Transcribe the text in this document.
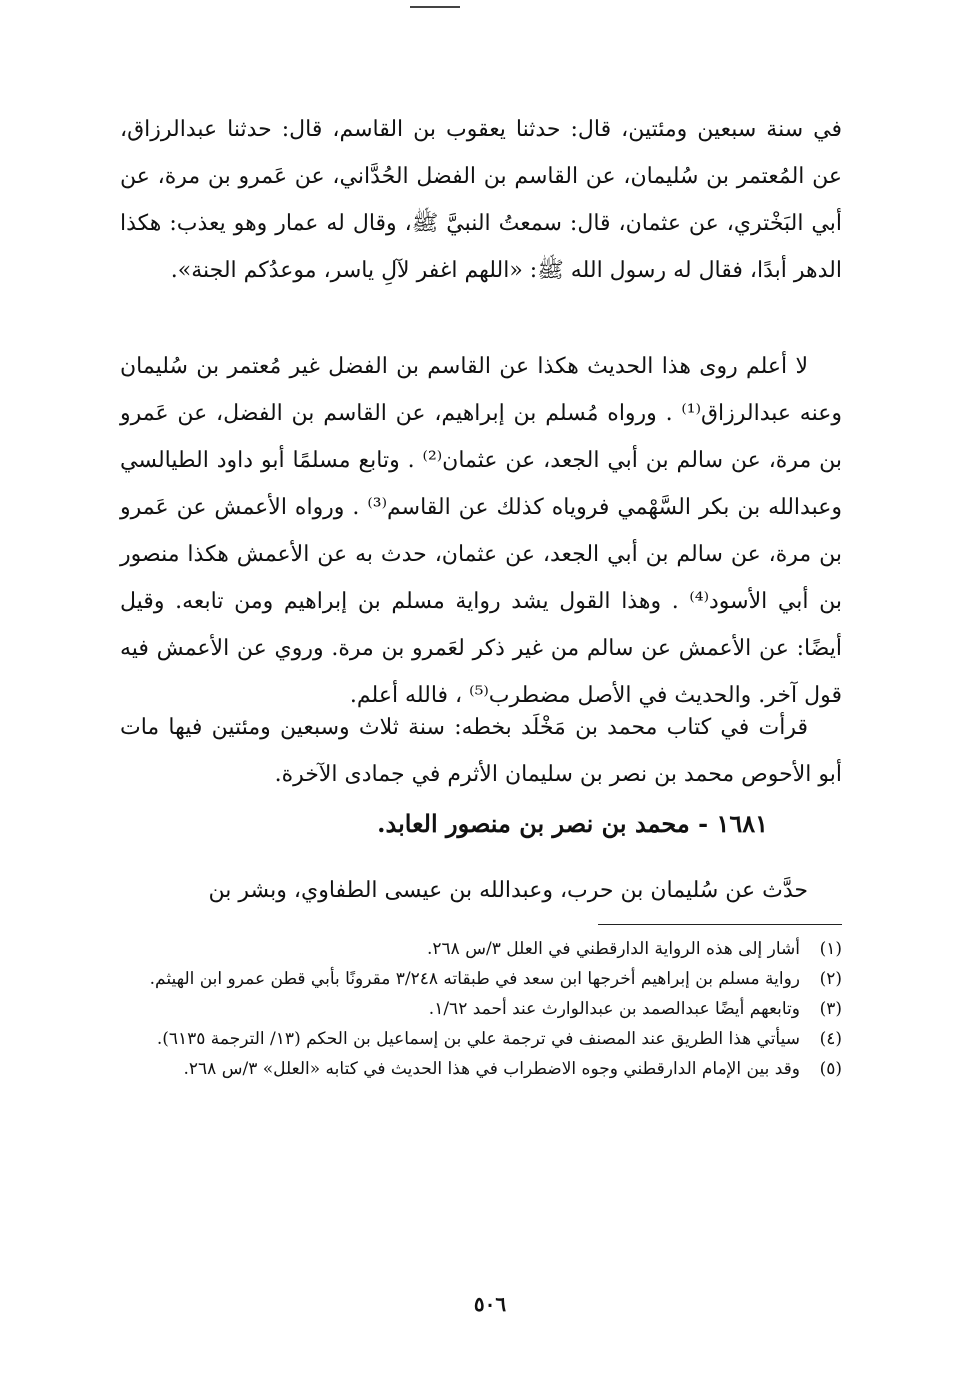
في سنة سبعين ومئتين، قال: حدثنا يعقوب بن القاسم، قال: حدثنا عبدالرزاق، عن المُعتمر بن سُليمان، عن القاسم بن الفضل الحُدَّاني، عن عَمرو بن مرة، عن أبي البَخْتري، عن عثمان، قال: سمعتُ النبيَّ ﷺ، وقال له عمار وهو يعذب: هكذا الدهر أبدًا، فقال له رسول الله ﷺ: «اللهم اغفر لآلِ ياسر، موعدُكم الجنة».
لا أعلم روى هذا الحديث هكذا عن القاسم بن الفضل غير مُعتمر بن سُليمان وعنه عبدالرزاق⁽¹⁾ . ورواه مُسلم بن إبراهيم، عن القاسم بن الفضل، عن عَمرو بن مرة، عن سالم بن أبي الجعد، عن عثمان⁽²⁾ . وتابع مسلمًا أبو داود الطيالسي وعبدالله بن بكر السَّهْمي فروياه كذلك عن القاسم⁽³⁾ . ورواه الأعمش عن عَمرو بن مرة، عن سالم بن أبي الجعد، عن عثمان، حدث به عن الأعمش هكذا منصور بن أبي الأسود⁽⁴⁾ . وهذا القول يشد رواية مسلم بن إبراهيم ومن تابعه. وقيل أيضًا: عن الأعمش عن سالم من غير ذكر لعَمرو بن مرة. وروي عن الأعمش فيه قول آخر. والحديث في الأصل مضطرب⁽⁵⁾ ، فالله أعلم.
قرأت في كتاب محمد بن مَخْلَد بخطه: سنة ثلاث وسبعين ومئتين فيها مات أبو الأحوص محمد بن نصر بن سليمان الأثرم في جمادى الآخرة.
١٦٨١ - محمد بن نصر بن منصور العابد.
حدَّث عن سُليمان بن حرب، وعبدالله بن عيسى الطفاوي، وبشر بن
(١)
أشار إلى هذه الرواية الدارقطني في العلل ٣/س ٢٦٨.
(٢)
رواية مسلم بن إبراهيم أخرجها ابن سعد في طبقاته ٣/٢٤٨ مقرونًا بأبي قطن عمرو ابن الهيثم.
(٣)
وتابعهم أيضًا عبدالصمد بن عبدالوارث عند أحمد ١/٦٢.
(٤)
سيأتي هذا الطريق عند المصنف في ترجمة علي بن إسماعيل بن الحكم (١٣/ الترجمة ٦١٣٥).
(٥)
وقد بين الإمام الدارقطني وجوه الاضطراب في هذا الحديث في كتابه «العلل» ٣/س ٢٦٨.
٥٠٦
